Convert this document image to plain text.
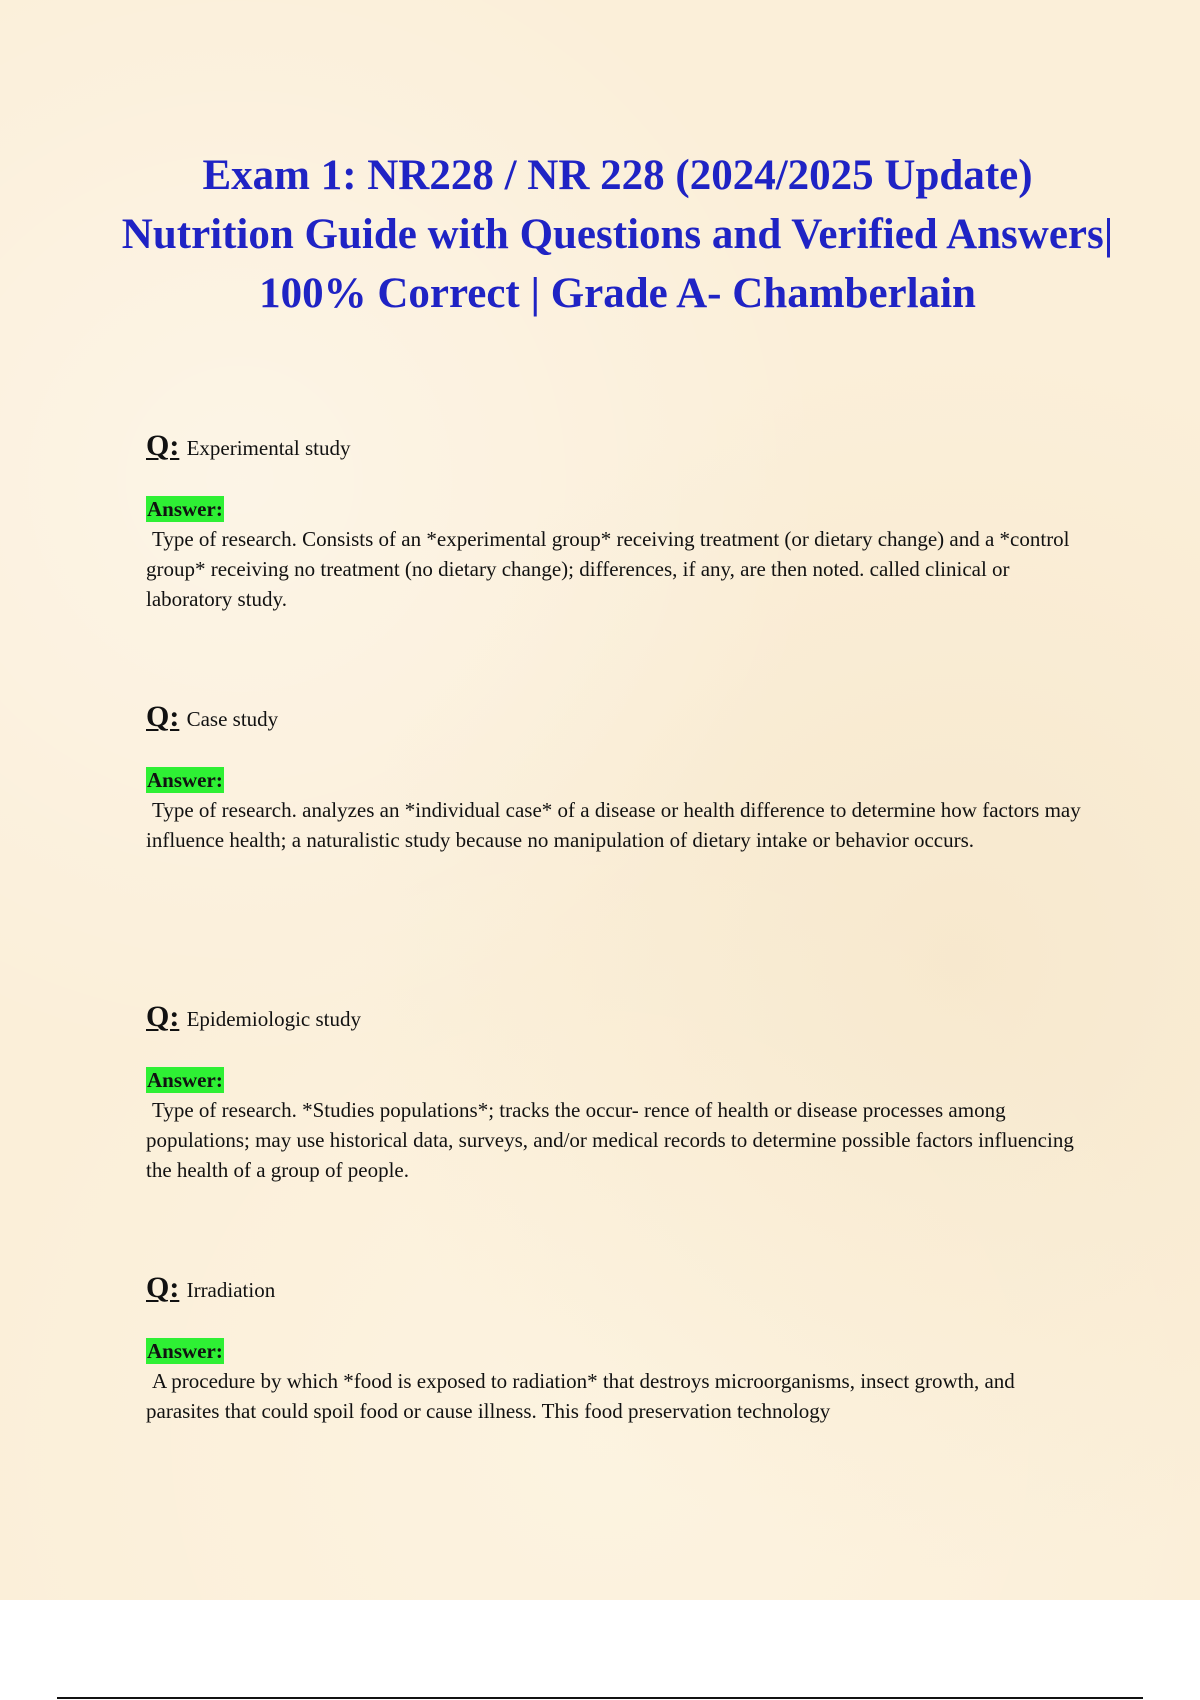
Exam 1: NR228 / NR 228 (2024/2025 Update) Nutrition Guide with Questions and Verified Answers| 100% Correct | Grade A- Chamberlain

Q: Experimental study

Answer:

Type of research. Consists of an *experimental group* receiving treatment (or dietary change) and a *control group* receiving no treatment (no dietary change); differences, if any, are then noted. called clinical or laboratory study.

Q: Case study

Answer:

Type of research. analyzes an *individual case* of a disease or health difference to determine how factors may influence health; a naturalistic study because no manipulation of dietary intake or behavior occurs.

Q: Epidemiologic study

Answer:

Type of research. *Studies populations*; tracks the occur- rence of health or disease processes among populations; may use historical data, surveys, and/or medical records to determine possible factors influencing the health of a group of people.

Q: Irradiation

Answer:

A procedure by which *food is exposed to radiation* that destroys microorganisms, insect growth, and parasites that could spoil food or cause illness. This food preservation technology
